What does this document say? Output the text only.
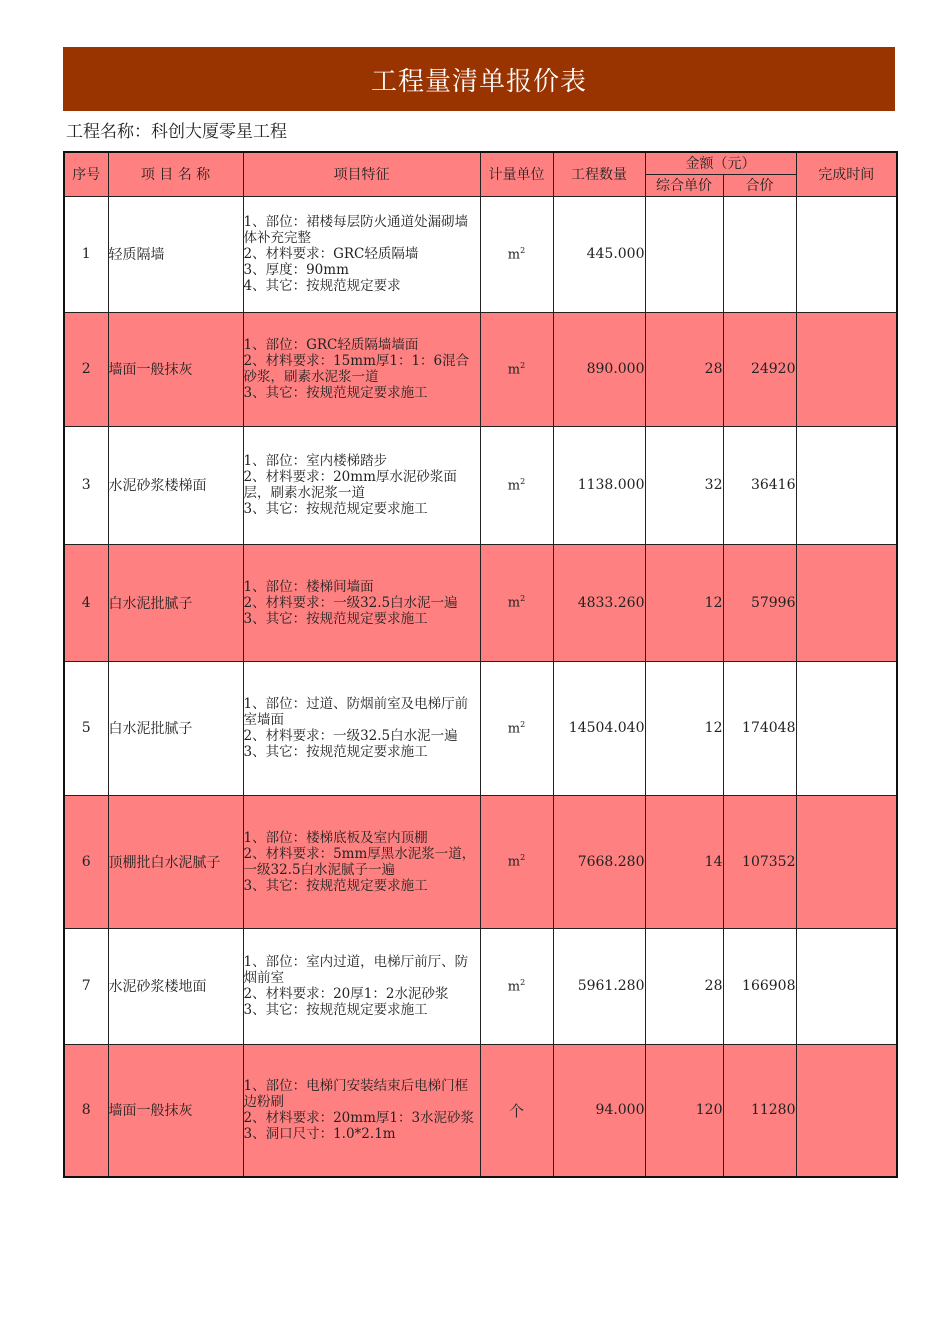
工程量清单报价表
工程名称：科创大厦零星工程
序号	项 目 名 称	项目特征	计量单位	工程数量	金额（元）		完成时间
					综合单价	合价	
1	轻质隔墙	1、部位：裙楼每层防火通道处漏砌墙体补充完整
2、材料要求：GRC轻质隔墙
3、厚度：90mm
4、其它：按规范规定要求	$m^2$	445.000			
2	墙面一般抹灰	1、部位：GRC轻质隔墙墙面
2、材料要求：15mm厚1：1：6混合砂浆，刷素水泥浆一道
3、其它：按规范规定要求施工	$m^2$	890.000	28	24920	
3	水泥砂浆楼梯面	1、部位：室内楼梯踏步
2、材料要求：20mm厚水泥砂浆面层，刷素水泥浆一道
3、其它：按规范规定要求施工	$m^2$	1138.000	32	36416	
4	白水泥批腻子	1、部位：楼梯间墙面
2、材料要求：一级32.5白水泥一遍
3、其它：按规范规定要求施工	$m^2$	4833.260	12	57996	
5	白水泥批腻子	1、部位：过道、防烟前室及电梯厅前室墙面
2、材料要求：一级32.5白水泥一遍
3、其它：按规范规定要求施工	$m^2$	14504.040	12	174048	
6	顶棚批白水泥腻子	1、部位：楼梯底板及室内顶棚
2、材料要求：5mm厚黑水泥浆一道，一级32.5白水泥腻子一遍
3、其它：按规范规定要求施工	$m^2$	7668.280	14	107352	
7	水泥砂浆楼地面	1、部位：室内过道，电梯厅前厅、防烟前室
2、材料要求：20厚1：2水泥砂浆
3、其它：按规范规定要求施工	$m^2$	5961.280	28	166908	
8	墙面一般抹灰	1、部位：电梯门安装结束后电梯门框边粉刷
2、材料要求：20mm厚1：3水泥砂浆
3、洞口尺寸：1.0*2.1m	个	94.000	120	11280	
